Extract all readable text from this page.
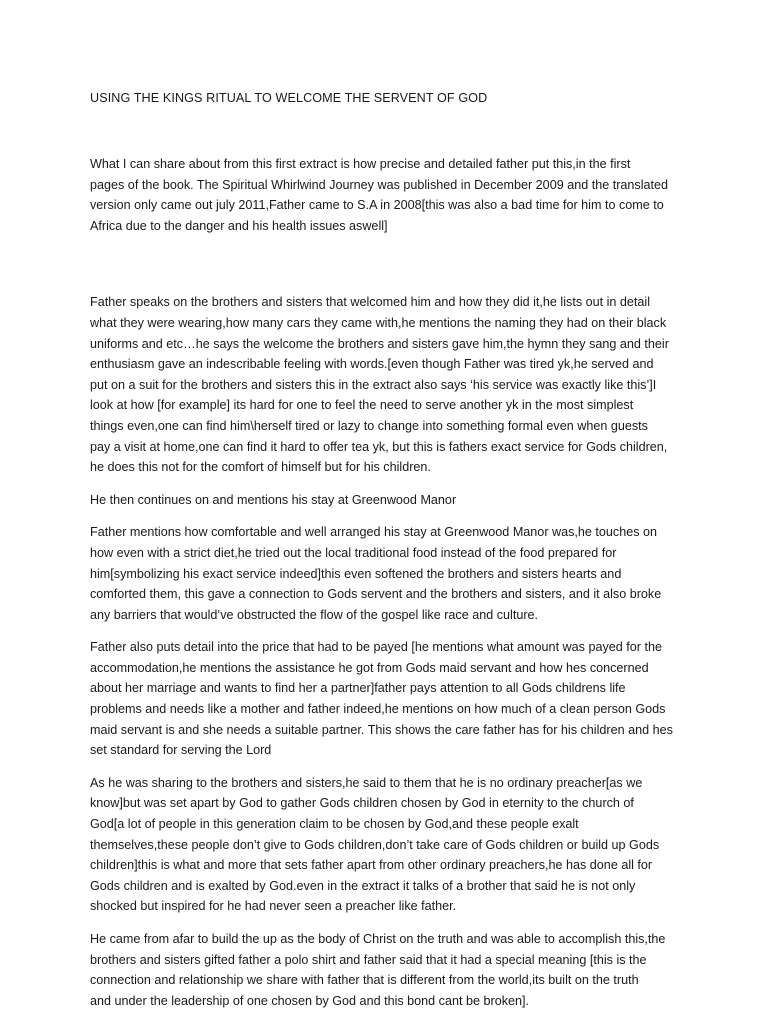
USING THE KINGS RITUAL TO WELCOME THE SERVENT OF GOD
What I can share about from this first extract is how precise and detailed father put this,in the first
pages of the book. The Spiritual Whirlwind Journey was published in December 2009 and the translated
version only came out july 2011,Father came to S.A in 2008[this was also a bad time for him to come to
Africa due to the danger and his health issues aswell]
Father speaks on the brothers and sisters that welcomed him and how they did it,he lists out in detail
what they were wearing,how many cars they came with,he mentions the naming they had on their black
uniforms and etc…he says the welcome the brothers and sisters gave him,the hymn they sang and their
enthusiasm gave an indescribable feeling with words.[even though Father was tired yk,he served and
put on a suit for the brothers and sisters this in the extract also says ‘his service was exactly like this’]I
look at how [for example] its hard for one to feel the need to serve another yk in the most simplest
things even,one can find him\herself tired or lazy to change into something formal even when guests
pay a visit at home,one can find it hard to offer tea yk, but this is fathers exact service for Gods children,
he does this not for the comfort of himself but for his children.
He then continues on and mentions his stay at Greenwood Manor
Father mentions how comfortable and well arranged his stay at Greenwood Manor was,he touches on
how even with a strict diet,he tried out the local traditional food instead of the food prepared for
him[symbolizing his exact service indeed]this even softened the brothers and sisters hearts and
comforted them, this gave a connection to Gods servent and the brothers and sisters, and it also broke
any barriers that would’ve obstructed the flow of the gospel like race and culture.
Father also puts detail into the price that had to be payed [he mentions what amount was payed for the
accommodation,he mentions the assistance he got from Gods maid servant and how hes concerned
about her marriage and wants to find her a partner]father pays attention to all Gods childrens life
problems and needs like a mother and father indeed,he mentions on how much of a clean person Gods
maid servant is and she needs a suitable partner. This shows the care father has for his children and hes
set standard for serving the Lord
As he was sharing to the brothers and sisters,he said to them that he is no ordinary preacher[as we
know]but was set apart by God to gather Gods children chosen by God in eternity to the church of
God[a lot of people in this generation claim to be chosen by God,and these people exalt
themselves,these people don’t give to Gods children,don’t take care of Gods children or build up Gods
children]this is what and more that sets father apart from other ordinary preachers,he has done all for
Gods children and is exalted by God.even in the extract it talks of a brother that said he is not only
shocked but inspired for he had never seen a preacher like father.
He came from afar to build the up as the body of Christ on the truth and was able to accomplish this,the
brothers and sisters gifted father a polo shirt and father said that it had a special meaning [this is the
connection and relationship we share with father that is different from the world,its built on the truth
and under the leadership of one chosen by God and this bond cant be broken].
